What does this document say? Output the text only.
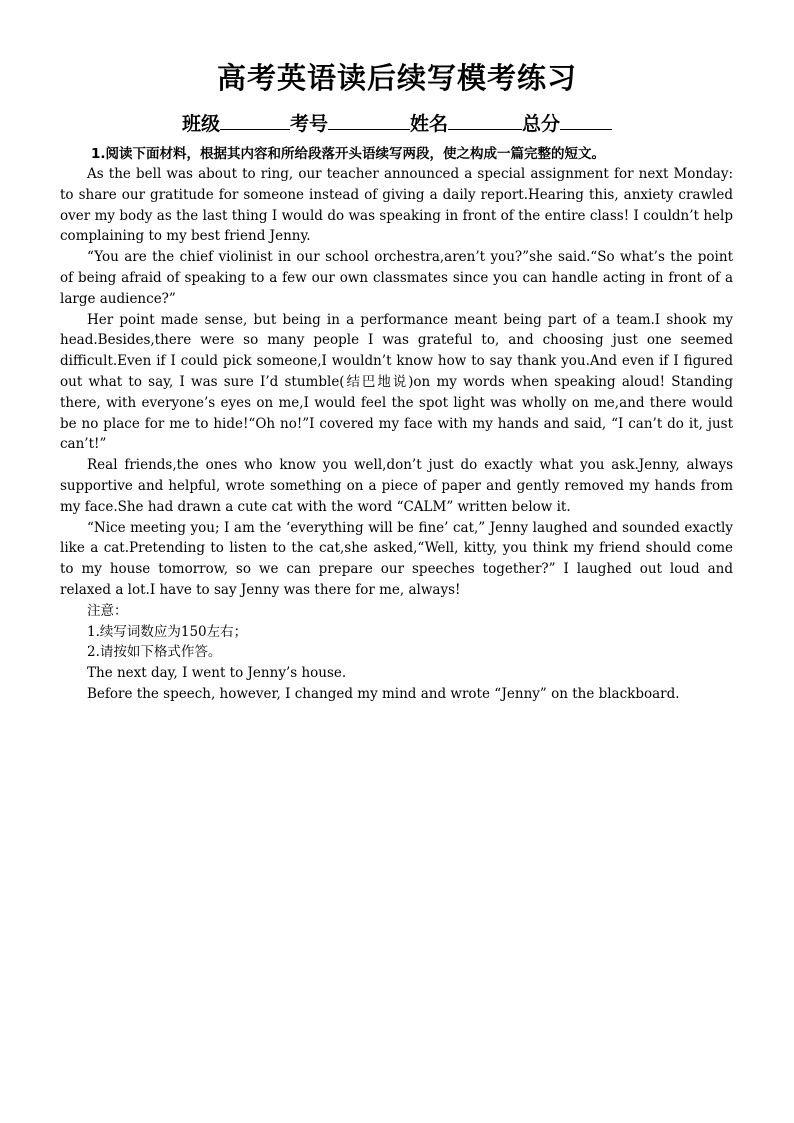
高考英语读后续写模考练习
班级	考号	姓名	总分
1.阅读下面材料，根据其内容和所给段落开头语续写两段，使之构成一篇完整的短文。

As the bell was about to ring, our teacher announced a special assignment for next Monday: to share our gratitude for someone instead of giving a daily report.Hearing this, anxiety crawled over my body as the last thing I would do was speaking in front of the entire class! I couldn’t help complaining to my best friend Jenny.

“You are the chief violinist in our school orchestra,aren’t you?”she said.“So what’s the point of being afraid of speaking to a few our own classmates since you can handle acting in front of a large audience?”

Her point made sense, but being in a performance meant being part of a team.I shook my head.Besides,there were so many people I was grateful to, and choosing just one seemed difficult.Even if I could pick someone,I wouldn’t know how to say thank you.And even if I figured out what to say, I was sure I’d stumble(结巴地说)on my words when speaking aloud! Standing there, with everyone’s eyes on me,I would feel the spot light was wholly on me,and there would be no place for me to hide!“Oh no!”I covered my face with my hands and said, “I can’t do it, just can’t!”

Real friends,the ones who know you well,don’t just do exactly what you ask.Jenny, always supportive and helpful, wrote something on a piece of paper and gently removed my hands from my face.She had drawn a cute cat with the word “CALM” written below it.

“Nice meeting you; I am the ‘everything will be fine’ cat,” Jenny laughed and sounded exactly like a cat.Pretending to listen to the cat,she asked,“Well, kitty, you think my friend should come to my house tomorrow, so we can prepare our speeches together?” I laughed out loud and relaxed a lot.I have to say Jenny was there for me, always!

注意：

1.续写词数应为150左右；

2.请按如下格式作答。

The next day, I went to Jenny’s house.

Before the speech, however, I changed my mind and wrote “Jenny” on the blackboard.
